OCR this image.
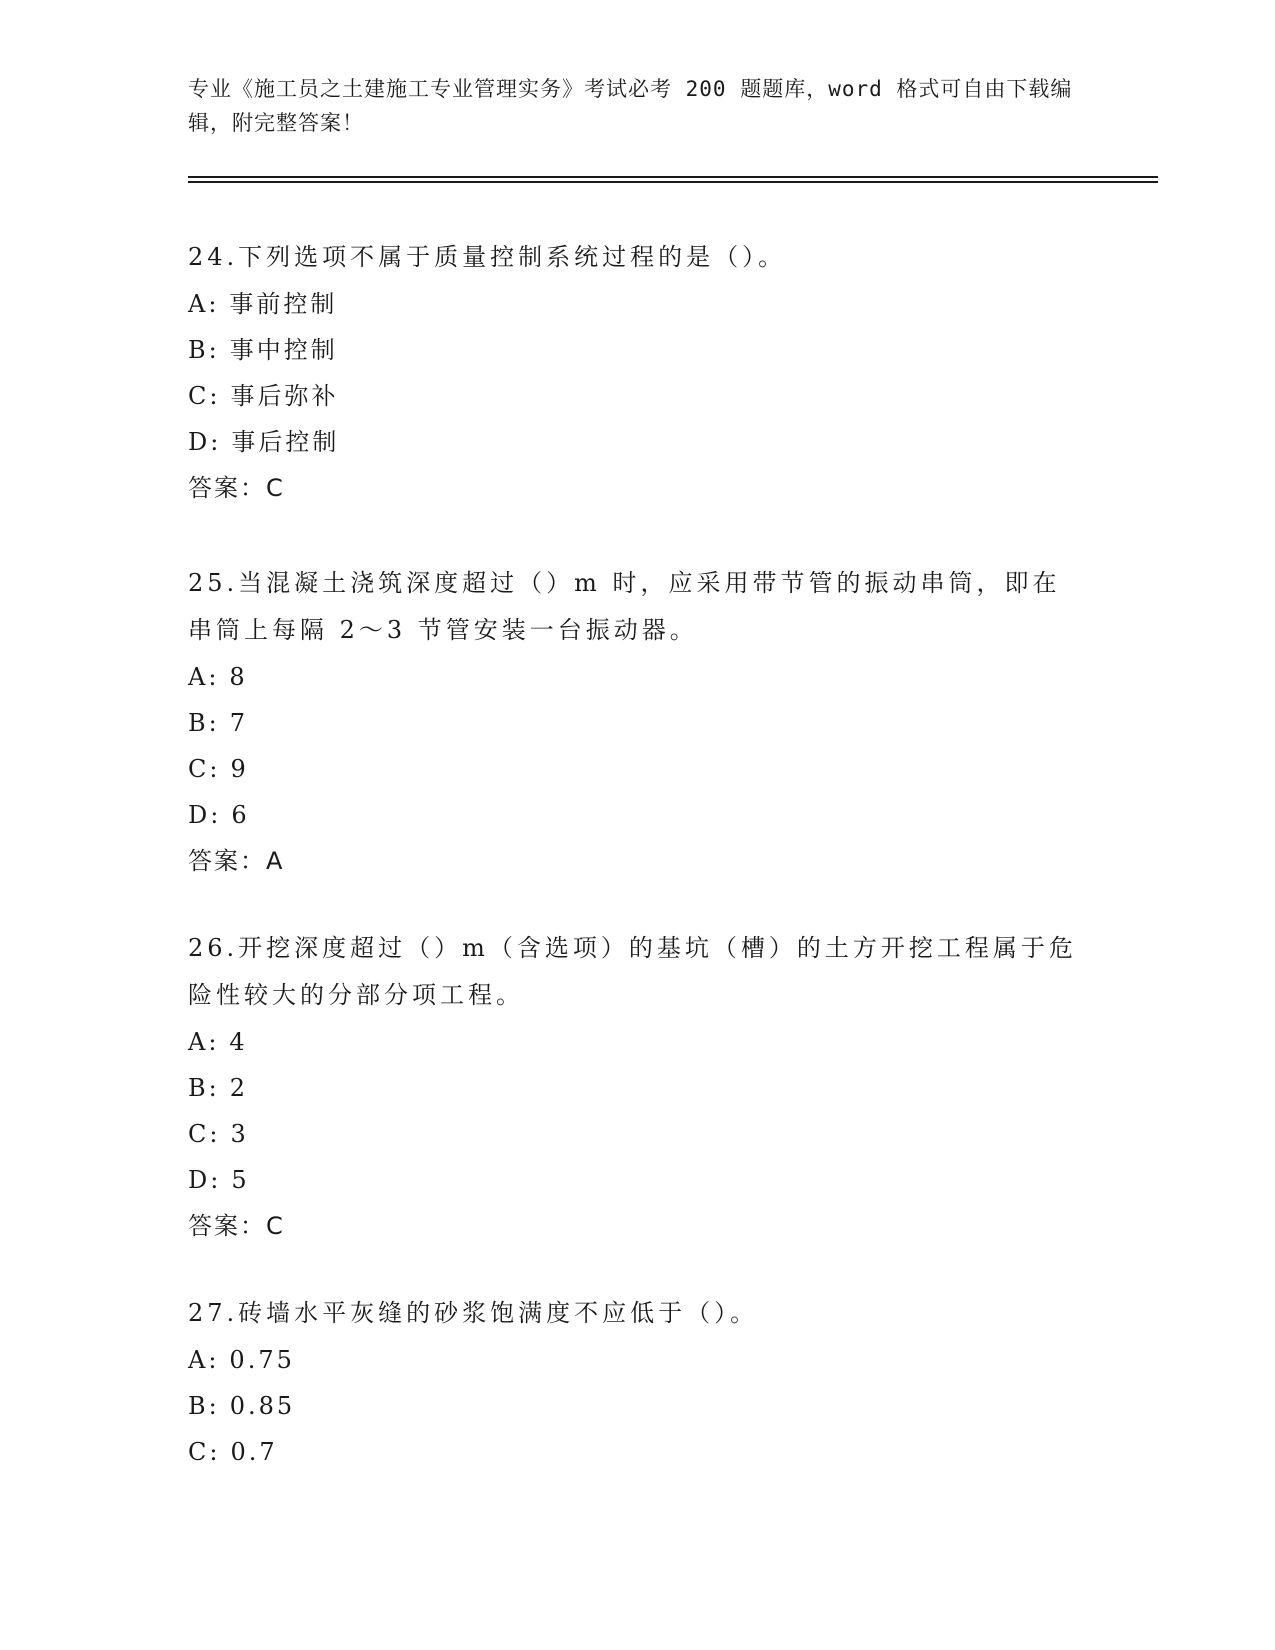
专业《施工员之土建施工专业管理实务》考试必考 200 题题库，word 格式可自由下载编辑，附完整答案！
24.下列选项不属于质量控制系统过程的是（）。
A: 事前控制
B: 事中控制
C: 事后弥补
D: 事后控制
答案：C
25.当混凝土浇筑深度超过（）m 时，应采用带节管的振动串筒，即在串筒上每隔 2～3 节管安装一台振动器。
A: 8
B: 7
C: 9
D: 6
答案：A
26.开挖深度超过（）m（含选项）的基坑（槽）的土方开挖工程属于危险性较大的分部分项工程。
A: 4
B: 2
C: 3
D: 5
答案：C
27.砖墙水平灰缝的砂浆饱满度不应低于（）。
A: 0.75
B: 0.85
C: 0.7
